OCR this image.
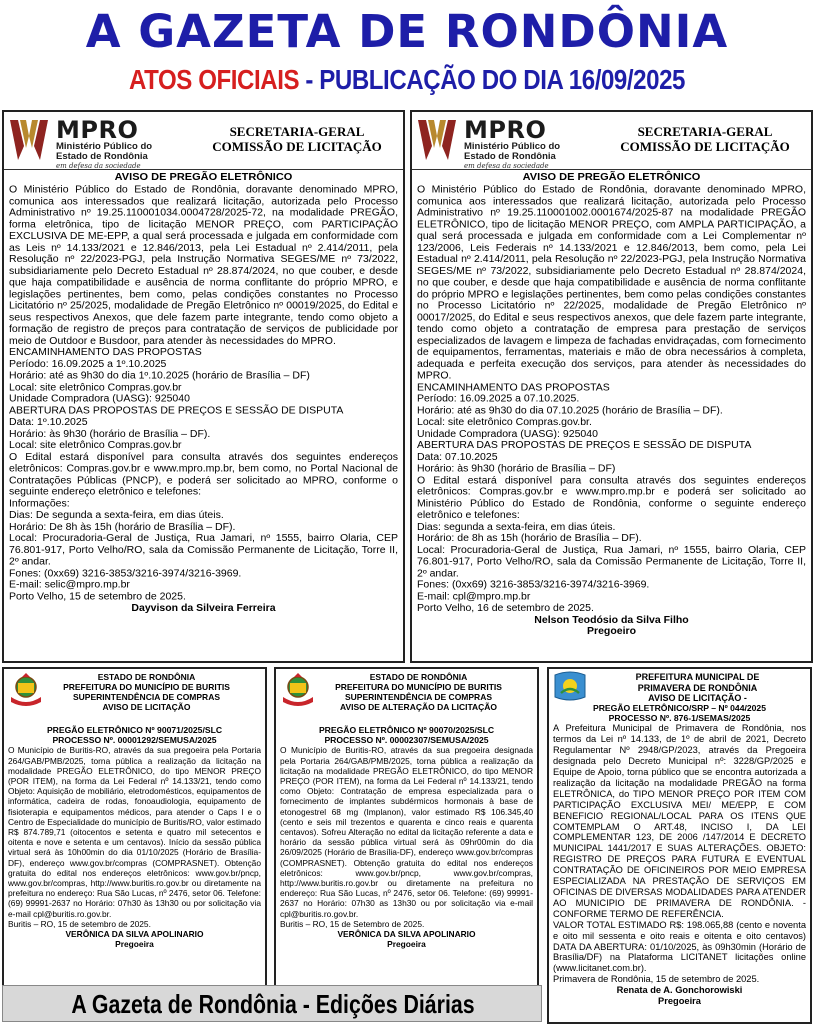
A GAZETA DE RONDÔNIA
ATOS OFICIAIS - PUBLICAÇÃO DO DIA 16/09/2025
MPRO
Ministério Público do
Estado de Rondônia
em defesa da sociedade
SECRETARIA-GERAL
COMISSÃO DE LICITAÇÃO
AVISO DE PREGÃO ELETRÔNICO
O Ministério Público do Estado de Rondônia, doravante denominado MPRO, comunica aos interessados que realizará licitação, autorizada pelo Processo Administrativo nº 19.25.110001034.0004728/2025-72, na modalidade PREGÃO, forma eletrônica, tipo de licitação MENOR PREÇO, com PARTICIPAÇÃO EXCLUSIVA DE ME-EPP, a qual será processada e julgada em conformidade com as Leis nº 14.133/2021 e 12.846/2013, pela Lei Estadual nº 2.414/2011, pela Resolução nº 22/2023-PGJ, pela Instrução Normativa SEGES/ME nº 73/2022, subsidiariamente pelo Decreto Estadual nº 28.874/2024, no que couber, e desde que haja compatibilidade e ausência de norma conflitante do próprio MPRO, e legislações pertinentes, bem como, pelas condições constantes no Processo Licitatório nº 25/2025, modalidade de Pregão Eletrônico nº 00019/2025, do Edital e seus respectivos Anexos, que dele fazem parte integrante, tendo como objeto a formação de registro de preços para contratação de serviços de publicidade por meio de Outdoor e Busdoor, para atender às necessidades do MPRO.
ENCAMINHAMENTO DAS PROPOSTAS
Período: 16.09.2025 a 1º.10.2025
Horário: até as 9h30 do dia 1º.10.2025 (horário de Brasília – DF)
Local: site eletrônico Compras.gov.br
Unidade Compradora (UASG): 925040
ABERTURA DAS PROPOSTAS DE PREÇOS E SESSÃO DE DISPUTA
Data: 1º.10.2025
Horário: às 9h30 (horário de Brasília – DF).
Local: site eletrônico Compras.gov.br
O Edital estará disponível para consulta através dos seguintes endereços eletrônicos: Compras.gov.br e www.mpro.mp.br, bem como, no Portal Nacional de Contratações Públicas (PNCP), e poderá ser solicitado ao MPRO, conforme o seguinte endereço eletrônico e telefones:
Informações:
Dias: De segunda a sexta-feira, em dias úteis.
Horário: De 8h às 15h (horário de Brasília – DF).
Local: Procuradoria-Geral de Justiça, Rua Jamari, nº 1555, bairro Olaria, CEP 76.801-917, Porto Velho/RO, sala da Comissão Permanente de Licitação, Torre II, 2º andar.
Fones: (0xx69) 3216-3853/3216-3974/3216-3969.
E-mail: selic@mpro.mp.br
Porto Velho, 15 de setembro de 2025.
Dayvison da Silveira Ferreira
MPRO
Ministério Público do
Estado de Rondônia
em defesa da sociedade
SECRETARIA-GERAL
COMISSÃO DE LICITAÇÃO
AVISO DE PREGÃO ELETRÔNICO
O Ministério Público do Estado de Rondônia, doravante denominado MPRO, comunica aos interessados que realizará licitação, autorizada pelo Processo Administrativo nº 19.25.110001002.0001674/2025-87 na modalidade PREGÃO ELETRÔNICO, tipo de licitação MENOR PREÇO, com AMPLA PARTICIPAÇÃO, a qual será processada e julgada em conformidade com a Lei Complementar nº 123/2006, Leis Federais nº 14.133/2021 e 12.846/2013, bem como, pela Lei Estadual nº 2.414/2011, pela Resolução nº 22/2023-PGJ, pela Instrução Normativa SEGES/ME nº 73/2022, subsidiariamente pelo Decreto Estadual nº 28.874/2024, no que couber, e desde que haja compatibilidade e ausência de norma conflitante do próprio MPRO e legislações pertinentes, bem como pelas condições constantes no Processo Licitatório nº 22/2025, modalidade de Pregão Eletrônico nº 00017/2025, do Edital e seus respectivos anexos, que dele fazem parte integrante, tendo como objeto a contratação de empresa para prestação de serviços especializados de lavagem e limpeza de fachadas envidraçadas, com fornecimento de equipamentos, ferramentas, materiais e mão de obra necessários à completa, adequada e perfeita execução dos serviços, para atender às necessidades do MPRO.
ENCAMINHAMENTO DAS PROPOSTAS
Período: 16.09.2025 a 07.10.2025.
Horário: até as 9h30 do dia 07.10.2025 (horário de Brasília – DF).
Local: site eletrônico Compras.gov.br.
Unidade Compradora (UASG): 925040
ABERTURA DAS PROPOSTAS DE PREÇOS E SESSÃO DE DISPUTA
Data: 07.10.2025
Horário: às 9h30 (horário de Brasília – DF)
O Edital estará disponível para consulta através dos seguintes endereços eletrônicos: Compras.gov.br e www.mpro.mp.br e poderá ser solicitado ao Ministério Público do Estado de Rondônia, conforme o seguinte endereço eletrônico e telefones:
Dias: segunda a sexta-feira, em dias úteis.
Horário: de 8h as 15h (horário de Brasília – DF).
Local: Procuradoria-Geral de Justiça, Rua Jamari, nº 1555, bairro Olaria, CEP 76.801-917, Porto Velho/RO, sala da Comissão Permanente de Licitação, Torre II, 2º andar.
Fones: (0xx69) 3216-3853/3216-3974/3216-3969.
E-mail: cpl@mpro.mp.br
Porto Velho, 16 de setembro de 2025.
Nelson Teodósio da Silva Filho
Pregoeiro
ESTADO DE RONDÔNIA
PREFEITURA DO MUNICÍPIO DE BURITIS
SUPERINTENDÊNCIA DE COMPRAS
AVISO DE LICITAÇÃO
PREGÃO ELETRÔNICO Nº 90071/2025/SLC
PROCESSO Nº. 00001292/SEMUSA/2025
O Município de Buritis-RO, através da sua pregoeira pela Portaria 264/GAB/PMB/2025, torna pública a realização da licitação na modalidade PREGÃO ELETRÔNICO, do tipo MENOR PREÇO (POR ITEM), na forma da Lei Federal nº 14.133/21, tendo como Objeto: Aquisição de mobiliário, eletrodomésticos, equipamentos de informática, cadeira de rodas, fonoaudiologia, equipamento de fisioterapia e equipamentos médicos, para atender o Caps I e o Centro de Especialidade do município de Buritis/RO, valor estimado R$ 874.789,71 (oitocentos e setenta e quatro mil setecentos e oitenta e nove e setenta e um centavos). Início da sessão pública virtual será às 10h00min do dia 01/10/2025 (Horário de Brasília-DF), endereço www.gov.br/compras (COMPRASNET). Obtenção gratuita do edital nos endereços eletrônicos: www.gov.br/pncp, www.gov.br/compras, http://www.buritis.ro.gov.br ou diretamente na prefeitura no endereço: Rua São Lucas, nº 2476, setor 06. Telefone: (69) 99991-2637 no Horário: 07h30 às 13h30 ou por solicitação via e-mail cpl@buritis.ro.gov.br.
Buritis – RO, 15 de setembro de 2025.
VERÔNICA DA SILVA APOLINARIO
Pregoeira
ESTADO DE RONDÔNIA
PREFEITURA DO MUNICÍPIO DE BURITIS
SUPERINTENDÊNCIA DE COMPRAS
AVISO DE ALTERAÇÃO DA LICITAÇÃO
PREGÃO ELETRÔNICO Nº 90070/2025/SLC
PROCESSO Nº. 00002307/SEMUSA/2025
O Município de Buritis-RO, através da sua pregoeira designada pela Portaria 264/GAB/PMB/2025, torna pública a realização da licitação na modalidade PREGÃO ELETRÔNICO, do tipo MENOR PREÇO (POR ITEM), na forma da Lei Federal nº 14.133/21, tendo como Objeto: Contratação de empresa especializada para o fornecimento de implantes subdérmicos hormonais à base de etonogestrel 68 mg (Implanon), valor estimado R$ 106.345,40 (cento e seis mil trezentos e quarenta e cinco reais e quarenta centavos). Sofreu Alteração no edital da licitação referente a data e horário da sessão pública virtual será às 09hr00min do dia 26/09/2025 (Horário de Brasília-DF), endereço www.gov.br/compras (COMPRASNET). Obtenção gratuita do edital nos endereços eletrônicos: www.gov.br/pncp, www.gov.br/compras, http://www.buritis.ro.gov.br ou diretamente na prefeitura no endereço: Rua São Lucas, nº 2476, setor 06. Telefone: (69) 99991-2637 no Horário: 07h30 as 13h30 ou por solicitação via e-mail cpl@buritis.ro.gov.br.
Buritis – RO, 15 de Setembro de 2025.
VERÔNICA DA SILVA APOLINARIO
Pregoeira
PREFEITURA MUNICIPAL DE
PRIMAVERA DE RONDÔNIA
AVISO DE LICITAÇÃO -
PREGÃO ELETRÔNICO/SRP – Nº 044/2025
PROCESSO Nº. 876-1/SEMAS/2025
A Prefeitura Municipal de Primavera de Rondônia, nos termos da Lei nº 14.133, de 1º de abril de 2021, Decreto Regulamentar Nº 2948/GP/2023, através da Pregoeira designada pelo Decreto Municipal nº: 3228/GP/2025 e Equipe de Apoio, torna público que se encontra autorizada a realização da licitação na modalidade PREGÃO na forma ELETRÔNICA, do TIPO MENOR PREÇO POR ITEM COM PARTICIPAÇÃO EXCLUSIVA MEI/ ME/EPP, E COM BENEFICIO REGIONAL/LOCAL PARA OS ITENS QUE COMTEMPLAM O ART.48, INCISO I, DA LEI COMPLEMENTAR 123, DE 2006 /147/2014 E DECRETO MUNICIPAL 1441/2017 E SUAS ALTERAÇÕES. OBJETO: REGISTRO DE PREÇOS PARA FUTURA E EVENTUAL CONTRATAÇÃO DE OFICINEIROS POR MEIO EMPRESA ESPECIALIZADA NA PRESTAÇÃO DE SERVIÇOS EM OFICINAS DE DIVERSAS MODALIDADES PARA ATENDER AO MUNICIPIO DE PRIMAVERA DE RONDÔNIA. - CONFORME TERMO DE REFERÊNCIA.
VALOR TOTAL ESTIMADO R$: 198.065,88 (cento e noventa e oito mil sessenta e oito reais e oitenta e oito centavos) DATA DA ABERTURA: 01/10/2025, às 09h30min (Horário de Brasília/DF) na Plataforma LICITANET licitações online (www.licitanet.com.br).
Primavera de Rondônia, 15 de setembro de 2025.
Renata de A. Gonchorowiski
Pregoeira
A Gazeta de Rondônia - Edições Diárias
